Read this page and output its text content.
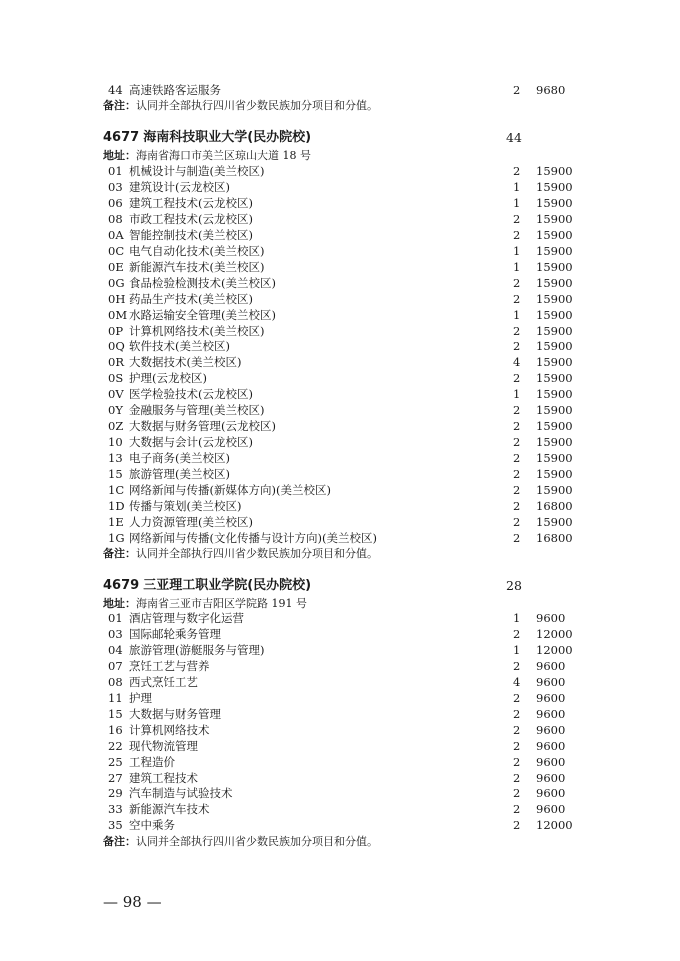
44 高速铁路客运服务	2 9680
备注：认同并全部执行四川省少数民族加分项目和分值。
4677 海南科技职业大学(民办院校)	44
地址：海南省海口市美兰区琼山大道 18 号
01 机械设计与制造(美兰校区)	2 15900
03 建筑设计(云龙校区)	1 15900
06 建筑工程技术(云龙校区)	1 15900
08 市政工程技术(云龙校区)	2 15900
0A 智能控制技术(美兰校区)	2 15900
0C 电气自动化技术(美兰校区)	1 15900
0E 新能源汽车技术(美兰校区)	1 15900
0G 食品检验检测技术(美兰校区)	2 15900
0H 药品生产技术(美兰校区)	2 15900
0M 水路运输安全管理(美兰校区)	1 15900
0P 计算机网络技术(美兰校区)	2 15900
0Q 软件技术(美兰校区)	2 15900
0R 大数据技术(美兰校区)	4 15900
0S 护理(云龙校区)	2 15900
0V 医学检验技术(云龙校区)	1 15900
0Y 金融服务与管理(美兰校区)	2 15900
0Z 大数据与财务管理(云龙校区)	2 15900
10 大数据与会计(云龙校区)	2 15900
13 电子商务(美兰校区)	2 15900
15 旅游管理(美兰校区)	2 15900
1C 网络新闻与传播(新媒体方向)(美兰校区)	2 15900
1D 传播与策划(美兰校区)	2 16800
1E 人力资源管理(美兰校区)	2 15900
1G 网络新闻与传播(文化传播与设计方向)(美兰校区)	2 16800
备注：认同并全部执行四川省少数民族加分项目和分值。
4679 三亚理工职业学院(民办院校)	28
地址：海南省三亚市吉阳区学院路 191 号
01 酒店管理与数字化运营	1 9600
03 国际邮轮乘务管理	2 12000
04 旅游管理(游艇服务与管理)	1 12000
07 烹饪工艺与营养	2 9600
08 西式烹饪工艺	4 9600
11 护理	2 9600
15 大数据与财务管理	2 9600
16 计算机网络技术	2 9600
22 现代物流管理	2 9600
25 工程造价	2 9600
27 建筑工程技术	2 9600
29 汽车制造与试验技术	2 9600
33 新能源汽车技术	2 9600
35 空中乘务	2 12000
备注：认同并全部执行四川省少数民族加分项目和分值。
— 98 —
